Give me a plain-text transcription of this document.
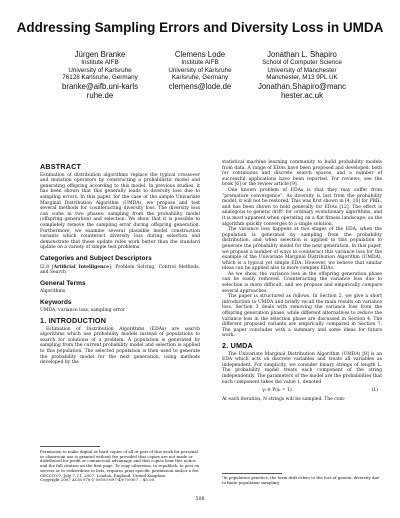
Addressing Sampling Errors and Diversity Loss in UMDA
Jürgen Branke
Institute AIFB
University of Karlsruhe
76128 Karlsruhe, Germany
branke@aifb.uni-karlsruhe.de
Clemens Lode
Institute AIFB
University of Karlsruhe
Karlsruhe, Germany
clemens@lode.de
Jonathan L. Shapiro
School of Computer Science
University of Manchester
Manchester, M13 9PL UK
Jonathan.Shapiro@manchester.ac.uk
ABSTRACT

Estimation of distribution algorithms replace the typical crossover and mutation operators by constructing a probabilistic model and generating offspring according to this model. In previous studies, it has been shown that this generally leads to diversity loss due to sampling errors. In this paper, for the case of the simple Univariate Marginal Distribution Algorithm (UMDA), we propose and test several methods for counteracting diversity loss. The diversity loss can come in two phases: sampling from the probability model (offspring generation) and selection. We show that it is possible to completely remove the sampling error during offspring generation. Furthermore, we examine several plausible model construction variants which counteract diversity loss during selection and demonstrate that these update rules work better than the standard update on a variety of simple test problems.

Categories and Subject Descriptors

I2.8 [Artificial Intelligence]: Problem Solving, Control Methods, and Search

General Terms

Algorithms

Keywords

UMDA, variance loss, sampling error

1. INTRODUCTION

Estimation of Distribution Algorithms (EDAs) are search algorithms which use probability models instead of populations to search for solutions of a problem. A population is generated by sampling from the current probability model and selection is applied to this population. The selected population is then used to generate the probability model for the next generation, using methods developed by the

Permission to make digital or hard copies of all or part of this work for personal or classroom use is granted without fee provided that copies are not made or distributed for profit or commercial advantage and that copies bear this notice and the full citation on the first page. To copy otherwise, to republish, to post on servers or to redistribute to lists, requires prior specific permission and/or a fee.
GECCO'07, July 7–11, 2007, London, England, United Kingdom.
Copyright 2007 ACM 978-1-59593-697-4/07/0007 ...$5.00.

statistical machine learning community to build probability models from data. A range of EDAs have been proposed and developed, both for continuous and discrete search spaces, and a number of successful applications have been reported. For reviews, see the book [6] or the review article [9].

One known problem of EDAs is that they may suffer from “premature convergence”. As diversity is lost from the probability model, it will not be restored. This was first shown in [4, 10] for PBIL, and has been shown to hold generally for EDAs [12]. The effect is analogous to genetic drift¹ for ordinary evolutionary algorithms, and it is most apparent when operating on a flat fitness landscape, as the algorithm quickly converges to a single solution.

The variance loss happens at two stages of the EDA: when the population is generated by sampling from the probability distribution, and when selection is applied to this population to generate the probability model for the next generation. In this paper, we propose a number of ways to counteract this variance loss for the example of the Univariate Marginal Distribution Algorithm (UMDA), which is a typical yet simple EDA. However, we believe that similar ideas can be applied also to more complex EDAs.

As we show, the variance loss in the offspring generation phase can be easily removed. Counteracting the variance loss due to selection is more difficult, and we propose and empirically compare several approaches.

The paper is structured as follows. In Section 2, we give a short introduction to UMDA and briefly recall the main results on variance loss. Section 3 deals with removing the variance loss from the offspring generation phase, while different alternatives to reduce the variance loss in the selection phase are discussed in Section 4. The different proposed variants are empirically compared in Section 7. The paper concludes with a summary and some ideas for future work.

2. UMDA

The Univariate Marginal Distribution Algorithm (UMDA) [8] is an EDA which acts on discrete variables and treats all variables as independent. For simplicity, we consider binary strings of length L. The probability model treats each component of the string independently. The parameters of the model are the probabilities that each component takes the value 1, denoted

γᵢ ≡ P(xᵢ = 1).	(1)

At each iteration, N strings will be sampled. The com-

¹In population genetics, the term drift refers to the loss of genetic diversity due to finite population sampling
508
